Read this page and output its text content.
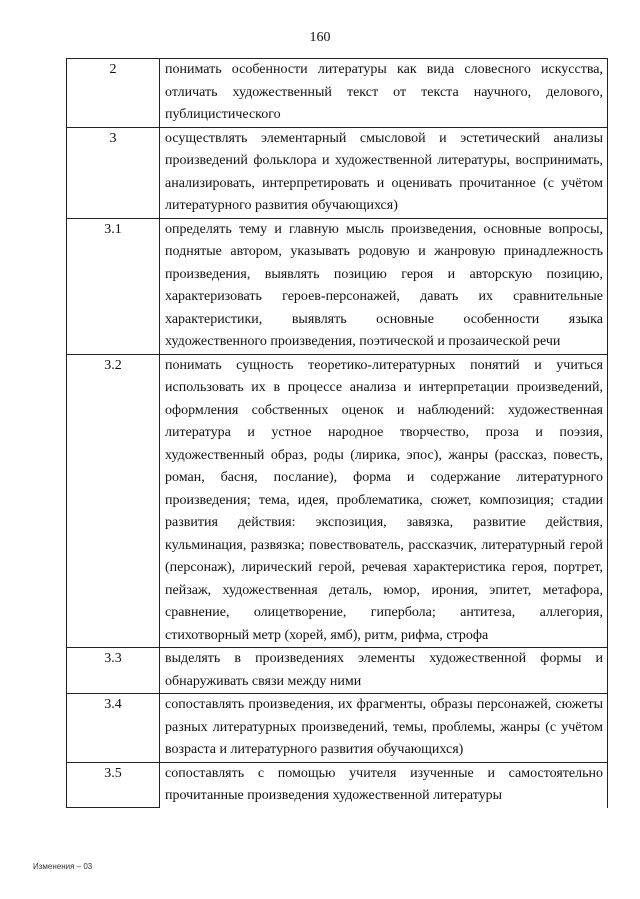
160
2	понимать особенности литературы как вида словесного искусства, отличать художественный текст от текста научного, делового, публицистического
3	осуществлять элементарный смысловой и эстетический анализы произведений фольклора и художественной литературы, воспринимать, анализировать, интерпретировать и оценивать прочитанное (с учётом литературного развития обучающихся)
3.1	определять тему и главную мысль произведения, основные вопросы, поднятые автором, указывать родовую и жанровую принадлежность произведения, выявлять позицию героя и авторскую позицию, характеризовать героев-персонажей, давать их сравнительные характеристики, выявлять основные особенности языка художественного произведения, поэтической и прозаической речи
3.2	понимать сущность теоретико-литературных понятий и учиться использовать их в процессе анализа и интерпретации произведений, оформления собственных оценок и наблюдений: художественная литература и устное народное творчество, проза и поэзия, художественный образ, роды (лирика, эпос), жанры (рассказ, повесть, роман, басня, послание), форма и содержание литературного произведения; тема, идея, проблематика, сюжет, композиция; стадии развития действия: экспозиция, завязка, развитие действия, кульминация, развязка; повествователь, рассказчик, литературный герой (персонаж), лирический герой, речевая характеристика героя, портрет, пейзаж, художественная деталь, юмор, ирония, эпитет, метафора, сравнение, олицетворение, гипербола; антитеза, аллегория, стихотворный метр (хорей, ямб), ритм, рифма, строфа
3.3	выделять в произведениях элементы художественной формы и обнаруживать связи между ними
3.4	сопоставлять произведения, их фрагменты, образы персонажей, сюжеты разных литературных произведений, темы, проблемы, жанры (с учётом возраста и литературного развития обучающихся)
3.5	сопоставлять с помощью учителя изученные и самостоятельно прочитанные произведения художественной литературы
Изменения – 03
